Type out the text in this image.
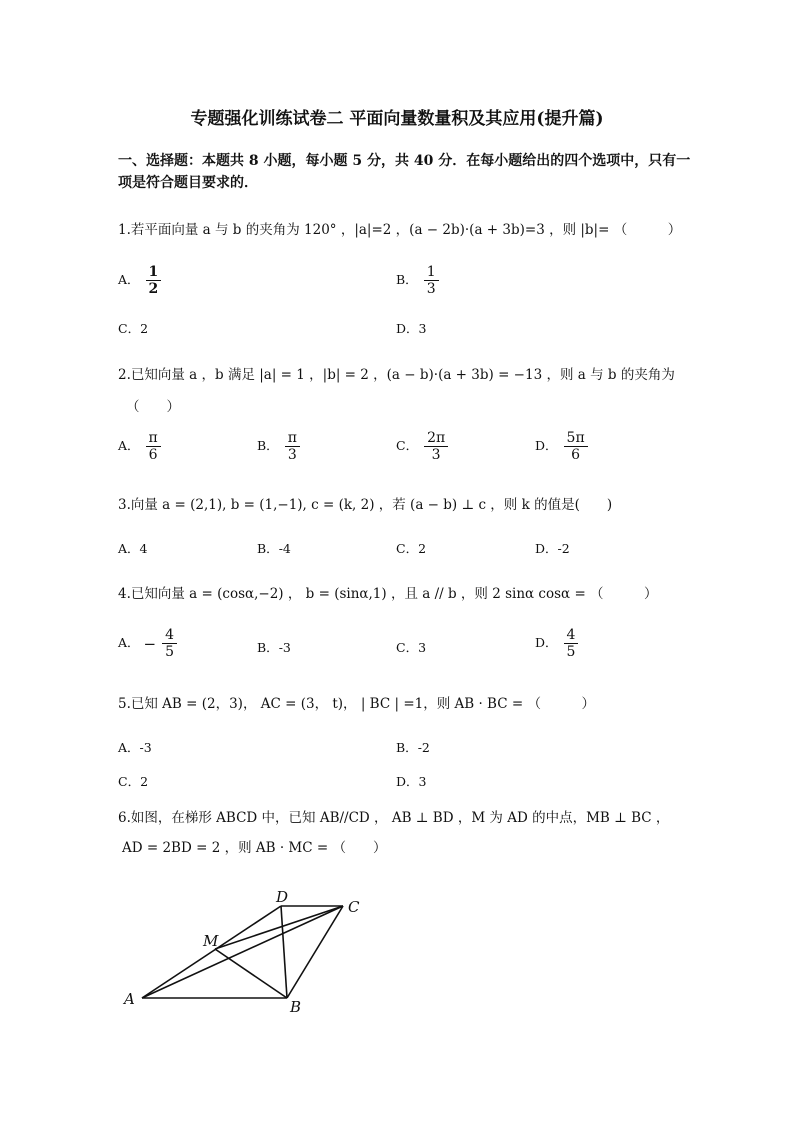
专题强化训练试卷二 平面向量数量积及其应用(提升篇)
一、选择题：本题共 8 小题，每小题 5 分，共 40 分．在每小题给出的四个选项中，只有一
项是符合题目要求的．
1.若平面向量 a 与 b 的夹角为 120° ，|a|=2 ，(a − 2b)·(a + 3b)=3 ，则 |b|= （　　　）
A． $\frac{1}{2}$	B． $\frac{1}{3}$
C．2	D．3
2.已知向量 a ，b 满足 |a| = 1 ，|b| = 2 ，(a − b)·(a + 3b) = −13 ，则 a 与 b 的夹角为
（　　）
A． $\frac{\pi}{6}$	B． $\frac{\pi}{3}$	C． $\frac{2\pi}{3}$	D． $\frac{5\pi}{6}$
3.向量 a = (2,1), b = (1,−1), c = (k, 2) ，若 (a − b) ⊥ c ，则 k 的值是(　　)
A．4	B．-4	C．2	D．-2
4.已知向量 a = (cosα,−2) ， b = (sinα,1) ，且 a // b ，则 2 sinα cosα = （　　　）
A． − $\frac{4}{5}$	B．-3	C．3	D． $\frac{4}{5}$
5.已知 AB = (2，3)， AC = (3， t)， | BC | =1，则 AB · BC = （　　　）
A．-3	B．-2
C．2	D．3
6.如图，在梯形 ABCD 中，已知 AB//CD ， AB ⊥ BD ，M 为 AD 的中点，MB ⊥ BC ，
AD = 2BD = 2 ，则 AB · MC = （　　）
A	B
C
D
M
